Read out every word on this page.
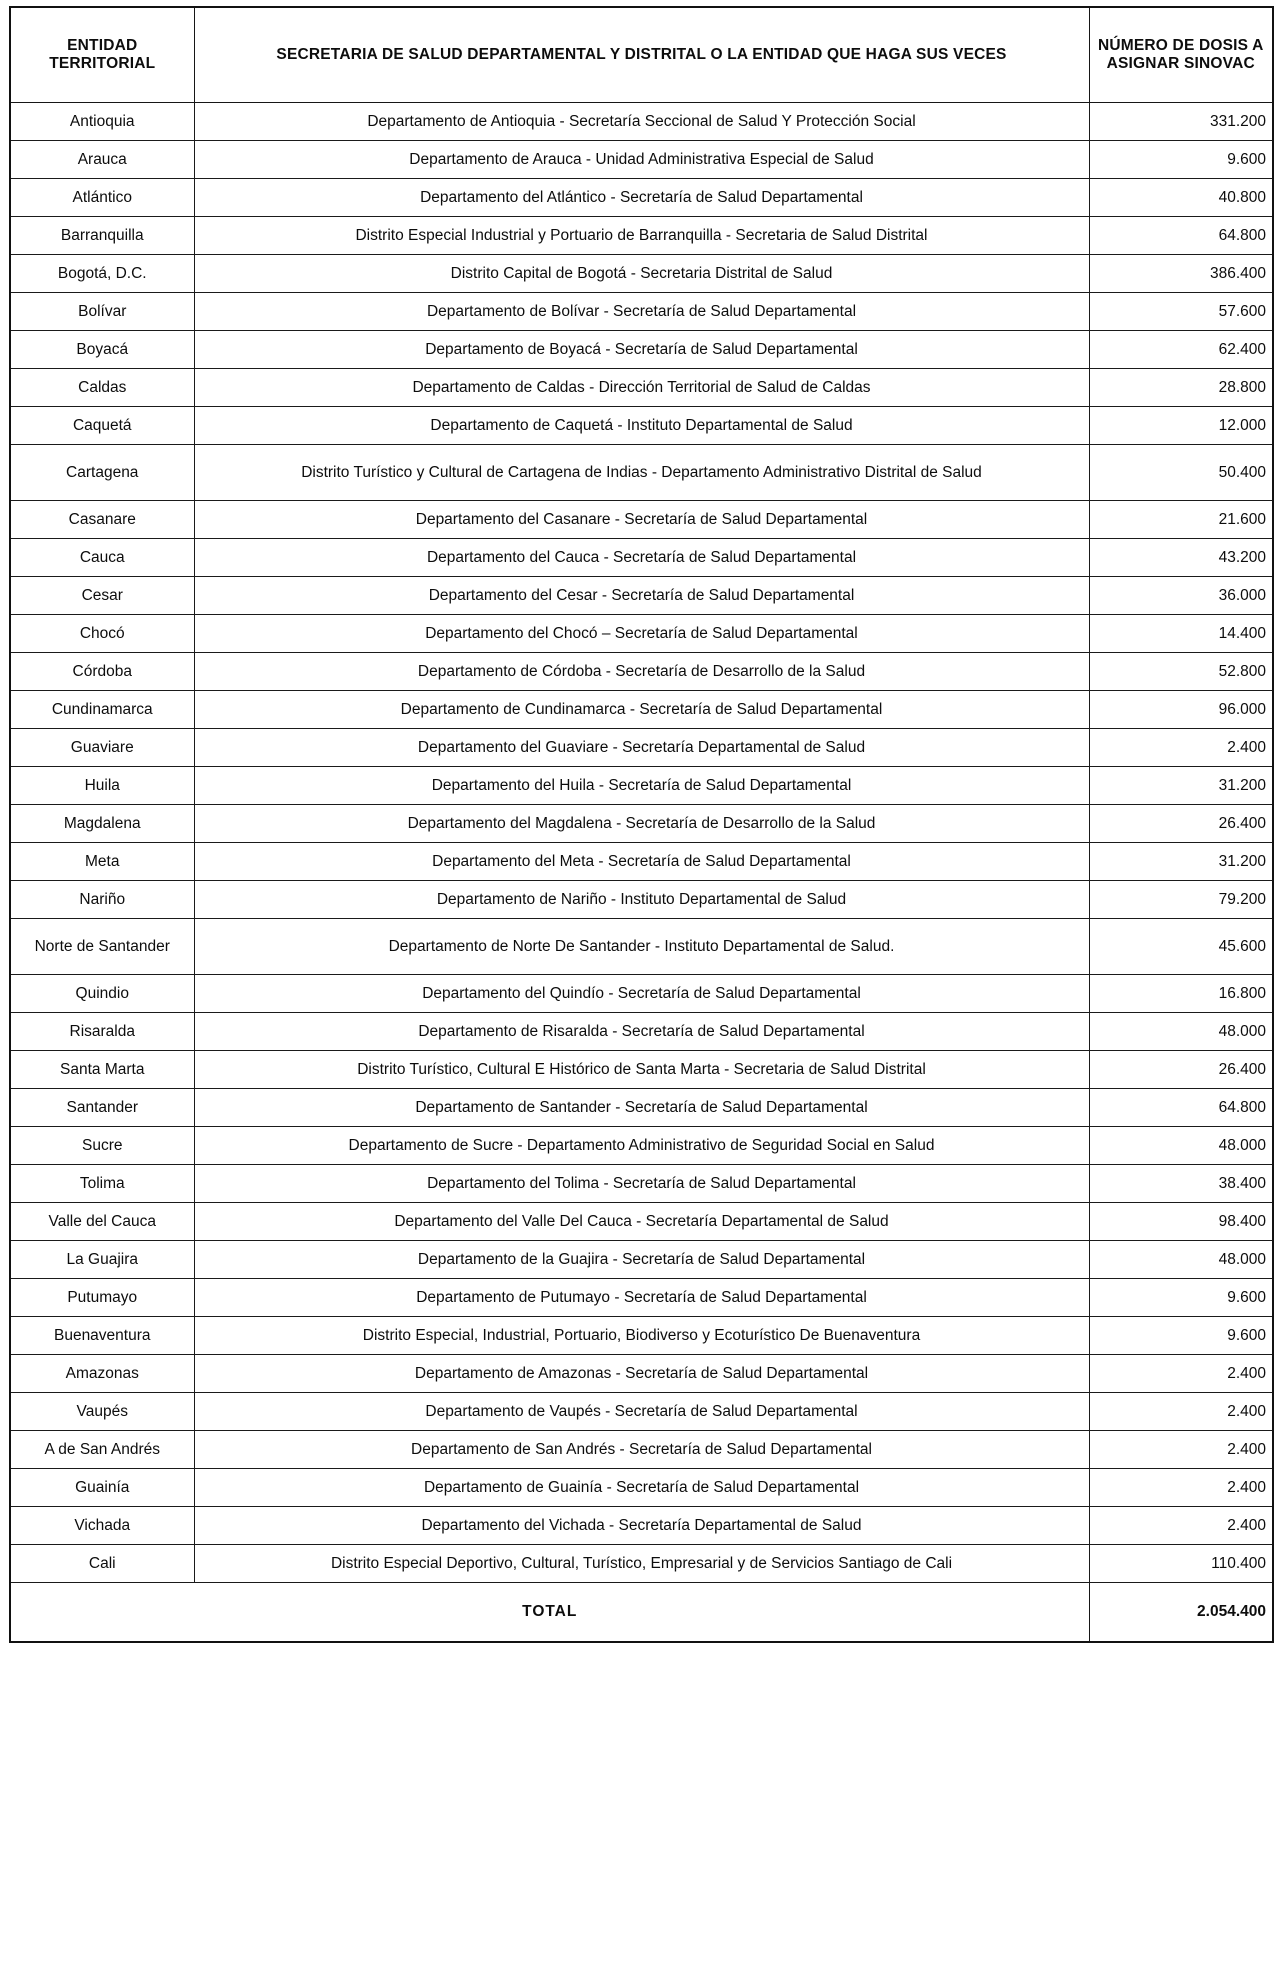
ENTIDAD TERRITORIAL	SECRETARIA DE SALUD DEPARTAMENTAL Y DISTRITAL O LA ENTIDAD QUE HAGA SUS VECES	NÚMERO DE DOSIS A ASIGNAR SINOVAC
Antioquia	Departamento de Antioquia - Secretaría Seccional de Salud Y Protección Social	331.200
Arauca	Departamento de Arauca - Unidad Administrativa Especial de Salud	9.600
Atlántico	Departamento del Atlántico - Secretaría de Salud Departamental	40.800
Barranquilla	Distrito Especial Industrial y Portuario de Barranquilla - Secretaria de Salud Distrital	64.800
Bogotá, D.C.	Distrito Capital de Bogotá - Secretaria Distrital de Salud	386.400
Bolívar	Departamento de Bolívar - Secretaría de Salud Departamental	57.600
Boyacá	Departamento de Boyacá - Secretaría de Salud Departamental	62.400
Caldas	Departamento de Caldas - Dirección Territorial de Salud de Caldas	28.800
Caquetá	Departamento de Caquetá - Instituto Departamental de Salud	12.000
Cartagena	Distrito Turístico y Cultural de Cartagena de Indias - Departamento Administrativo Distrital de Salud	50.400
Casanare	Departamento del Casanare - Secretaría de Salud Departamental	21.600
Cauca	Departamento del Cauca - Secretaría de Salud Departamental	43.200
Cesar	Departamento del Cesar - Secretaría de Salud Departamental	36.000
Chocó	Departamento del Chocó – Secretaría de Salud Departamental	14.400
Córdoba	Departamento de Córdoba - Secretaría de Desarrollo de la Salud	52.800
Cundinamarca	Departamento de Cundinamarca - Secretaría de Salud Departamental	96.000
Guaviare	Departamento del Guaviare - Secretaría Departamental de Salud	2.400
Huila	Departamento del Huila - Secretaría de Salud Departamental	31.200
Magdalena	Departamento del Magdalena - Secretaría de Desarrollo de la Salud	26.400
Meta	Departamento del Meta - Secretaría de Salud Departamental	31.200
Nariño	Departamento de Nariño - Instituto Departamental de Salud	79.200
Norte de Santander	Departamento de Norte De Santander - Instituto Departamental de Salud.	45.600
Quindio	Departamento del Quindío - Secretaría de Salud Departamental	16.800
Risaralda	Departamento de Risaralda - Secretaría de Salud Departamental	48.000
Santa Marta	Distrito Turístico, Cultural E Histórico de Santa Marta - Secretaria de Salud Distrital	26.400
Santander	Departamento de Santander - Secretaría de Salud Departamental	64.800
Sucre	Departamento de Sucre - Departamento Administrativo de Seguridad Social en Salud	48.000
Tolima	Departamento del Tolima - Secretaría de Salud Departamental	38.400
Valle del Cauca	Departamento del Valle Del Cauca - Secretaría Departamental de Salud	98.400
La Guajira	Departamento de la Guajira - Secretaría de Salud Departamental	48.000
Putumayo	Departamento de Putumayo - Secretaría de Salud Departamental	9.600
Buenaventura	Distrito Especial, Industrial, Portuario, Biodiverso y Ecoturístico De Buenaventura	9.600
Amazonas	Departamento de Amazonas - Secretaría de Salud Departamental	2.400
Vaupés	Departamento de Vaupés - Secretaría de Salud Departamental	2.400
A de San Andrés	Departamento de San Andrés - Secretaría de Salud Departamental	2.400
Guainía	Departamento de Guainía - Secretaría de Salud Departamental	2.400
Vichada	Departamento del Vichada - Secretaría Departamental de Salud	2.400
Cali	Distrito Especial Deportivo, Cultural, Turístico, Empresarial y de Servicios Santiago de Cali	110.400
TOTAL		2.054.400
